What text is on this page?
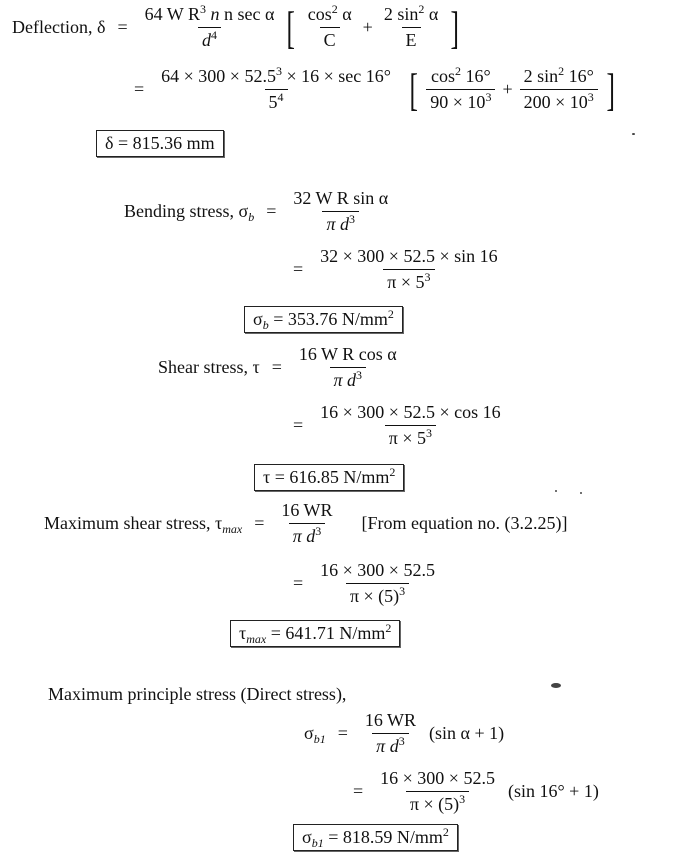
Deflection, $\delta = \frac{64 W R^3 n n \sec \alpha}{d^4}$ [ $\frac{\cos^2 \alpha}{C} + \frac{2 \sin^2 \alpha}{E}$ ]
= $\frac{64 \times 300 \times 52.5^3 \times 16 \times \sec 16^\circ}{5^4}$ [ $\frac{\cos^2 16^\circ}{90 \times 10^3} + \frac{2 \sin^2 16^\circ}{200 \times 10^3}$ ]
δ = 815.36 mm
Bending stress, $\sigma_b = \frac{\text{32 W R sin α}}{\pi d^3}$
= $\frac{32 \times 300 \times 52.5 \times \sin 16}{\pi \times 5^3}$
$\sigma_b = 353.76$ $N/mm^2$
Shear stress, $\tau = \frac{\text{16 W R cos α}}{\pi d^3}$
= $\frac{16 \times 300 \times 52.5 \times \cos 16}{\pi \times 5^3}$
τ = 616.85 $N/mm^2$
Maximum shear stress, $\tau_{max} = \frac{16 WR}{\pi d^3}$ [From equation no. (3.2.25)]
= $\frac{16 \times 300 \times 52.5}{\pi \times (5)^3}$
$\tau_{max} = 641.71$ $N/mm^2$
Maximum principle stress (Direct stress),
$\sigma_{b1} = \frac{16 WR}{\pi d^3} (\sin$ α + 1)
= $\frac{16 \times 300 \times 52.5}{\pi \times (5)^3} (\sin$ 16° + 1)
$\sigma_{b1} = 818.59$ $N/mm^2$
